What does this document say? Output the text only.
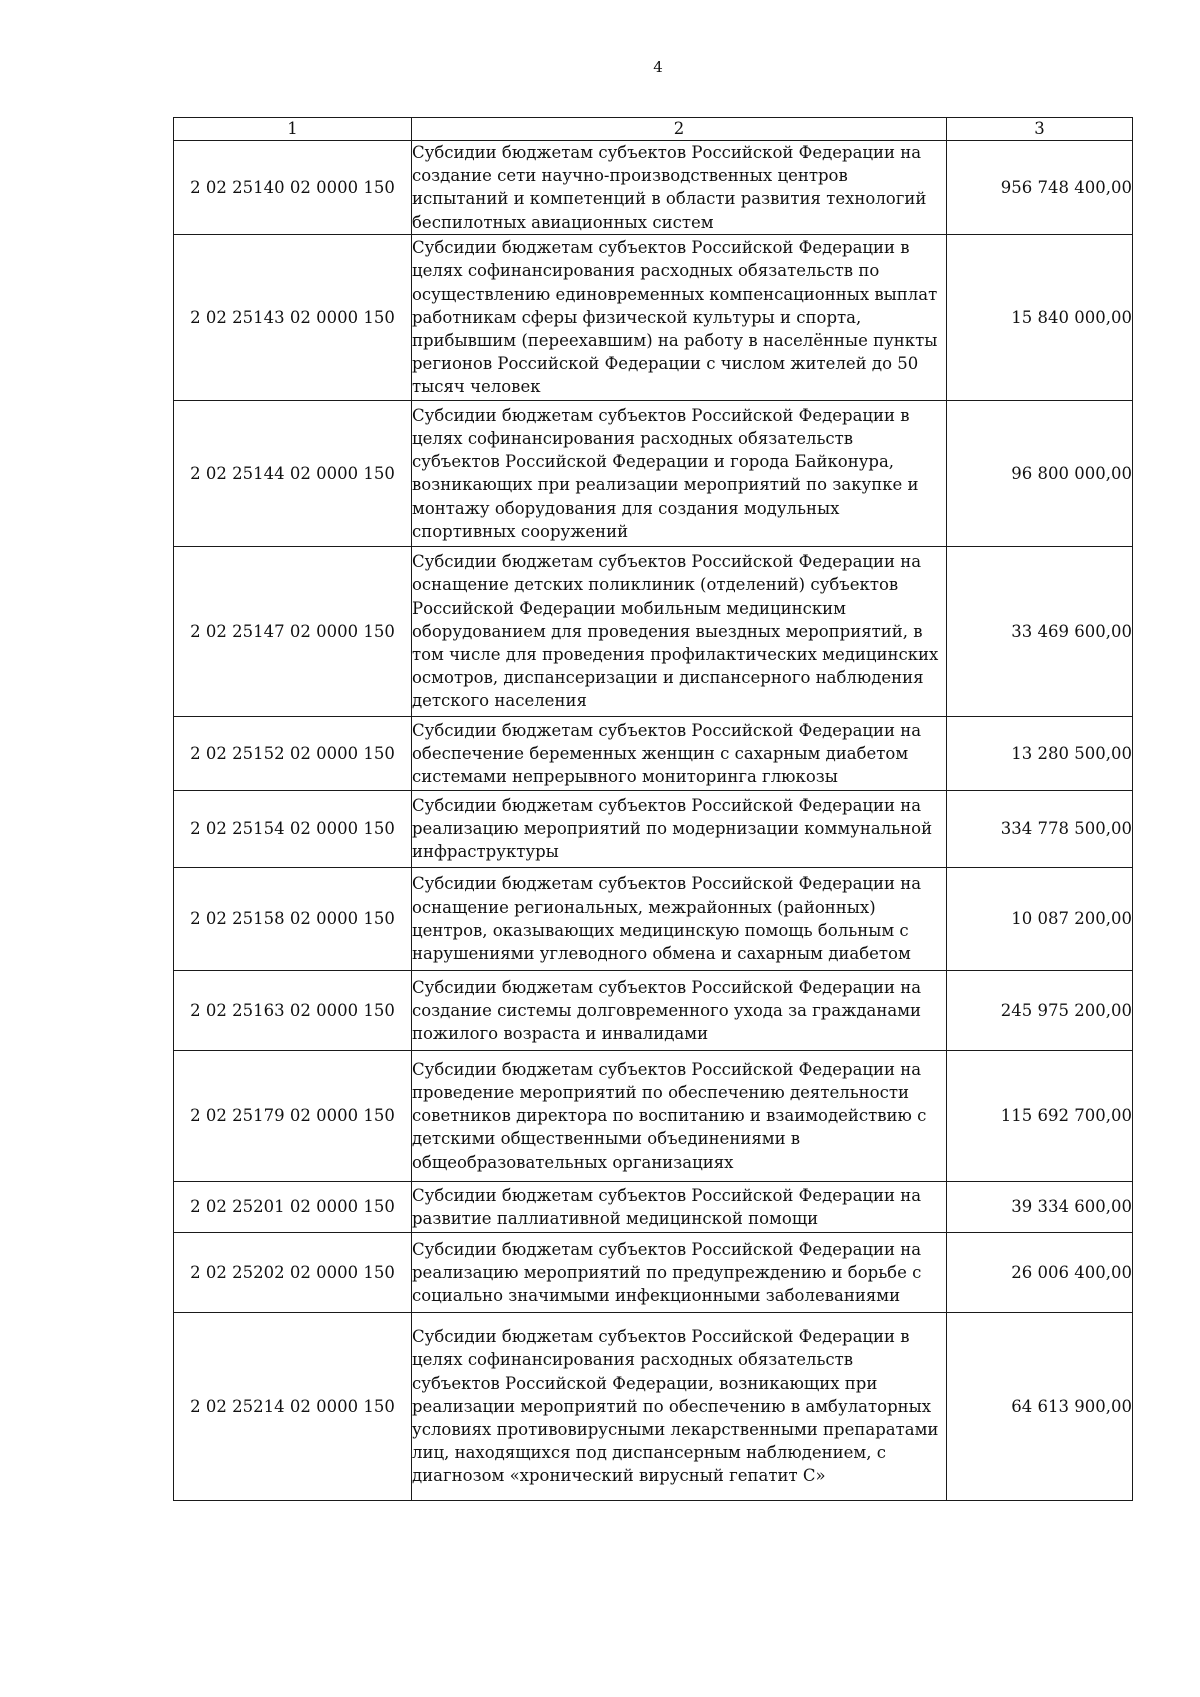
4
1	2	3
2 02 25140 02 0000 150	Субсидии бюджетам субъектов Российской Федерации на создание сети научно-производственных центров испытаний и компетенций в области развития технологий беспилотных авиационных систем	956 748 400,00
2 02 25143 02 0000 150	Субсидии бюджетам субъектов Российской Федерации в целях софинансирования расходных обязательств по осуществлению единовременных компенсационных выплат работникам сферы физической культуры и спорта, прибывшим (переехавшим) на работу в населённые пункты регионов Российской Федерации с числом жителей до 50 тысяч человек	15 840 000,00
2 02 25144 02 0000 150	Субсидии бюджетам субъектов Российской Федерации в целях софинансирования расходных обязательств субъектов Российской Федерации и города Байконура, возникающих при реализации мероприятий по закупке и монтажу оборудования для создания модульных спортивных сооружений	96 800 000,00
2 02 25147 02 0000 150	Субсидии бюджетам субъектов Российской Федерации на оснащение детских поликлиник (отделений) субъектов Российской Федерации мобильным медицинским оборудованием для проведения выездных мероприятий, в том числе для проведения профилактических медицинских осмотров, диспансеризации и диспансерного наблюдения детского населения	33 469 600,00
2 02 25152 02 0000 150	Субсидии бюджетам субъектов Российской Федерации на обеспечение беременных женщин с сахарным диабетом системами непрерывного мониторинга глюкозы	13 280 500,00
2 02 25154 02 0000 150	Субсидии бюджетам субъектов Российской Федерации на реализацию мероприятий по модернизации коммунальной инфраструктуры	334 778 500,00
2 02 25158 02 0000 150	Субсидии бюджетам субъектов Российской Федерации на оснащение региональных, межрайонных (районных) центров, оказывающих медицинскую помощь больным с нарушениями углеводного обмена и сахарным диабетом	10 087 200,00
2 02 25163 02 0000 150	Субсидии бюджетам субъектов Российской Федерации на создание системы долговременного ухода за гражданами пожилого возраста и инвалидами	245 975 200,00
2 02 25179 02 0000 150	Субсидии бюджетам субъектов Российской Федерации на проведение мероприятий по обеспечению деятельности советников директора по воспитанию и взаимодействию с детскими общественными объединениями в общеобразовательных организациях	115 692 700,00
2 02 25201 02 0000 150	Субсидии бюджетам субъектов Российской Федерации на развитие паллиативной медицинской помощи	39 334 600,00
2 02 25202 02 0000 150	Субсидии бюджетам субъектов Российской Федерации на реализацию мероприятий по предупреждению и борьбе с социально значимыми инфекционными заболеваниями	26 006 400,00
2 02 25214 02 0000 150	Субсидии бюджетам субъектов Российской Федерации в целях софинансирования расходных обязательств субъектов Российской Федерации, возникающих при реализации мероприятий по обеспечению в амбулаторных условиях противовирусными лекарственными препаратами лиц, находящихся под диспансерным наблюдением, с диагнозом «хронический вирусный гепатит С»	64 613 900,00
